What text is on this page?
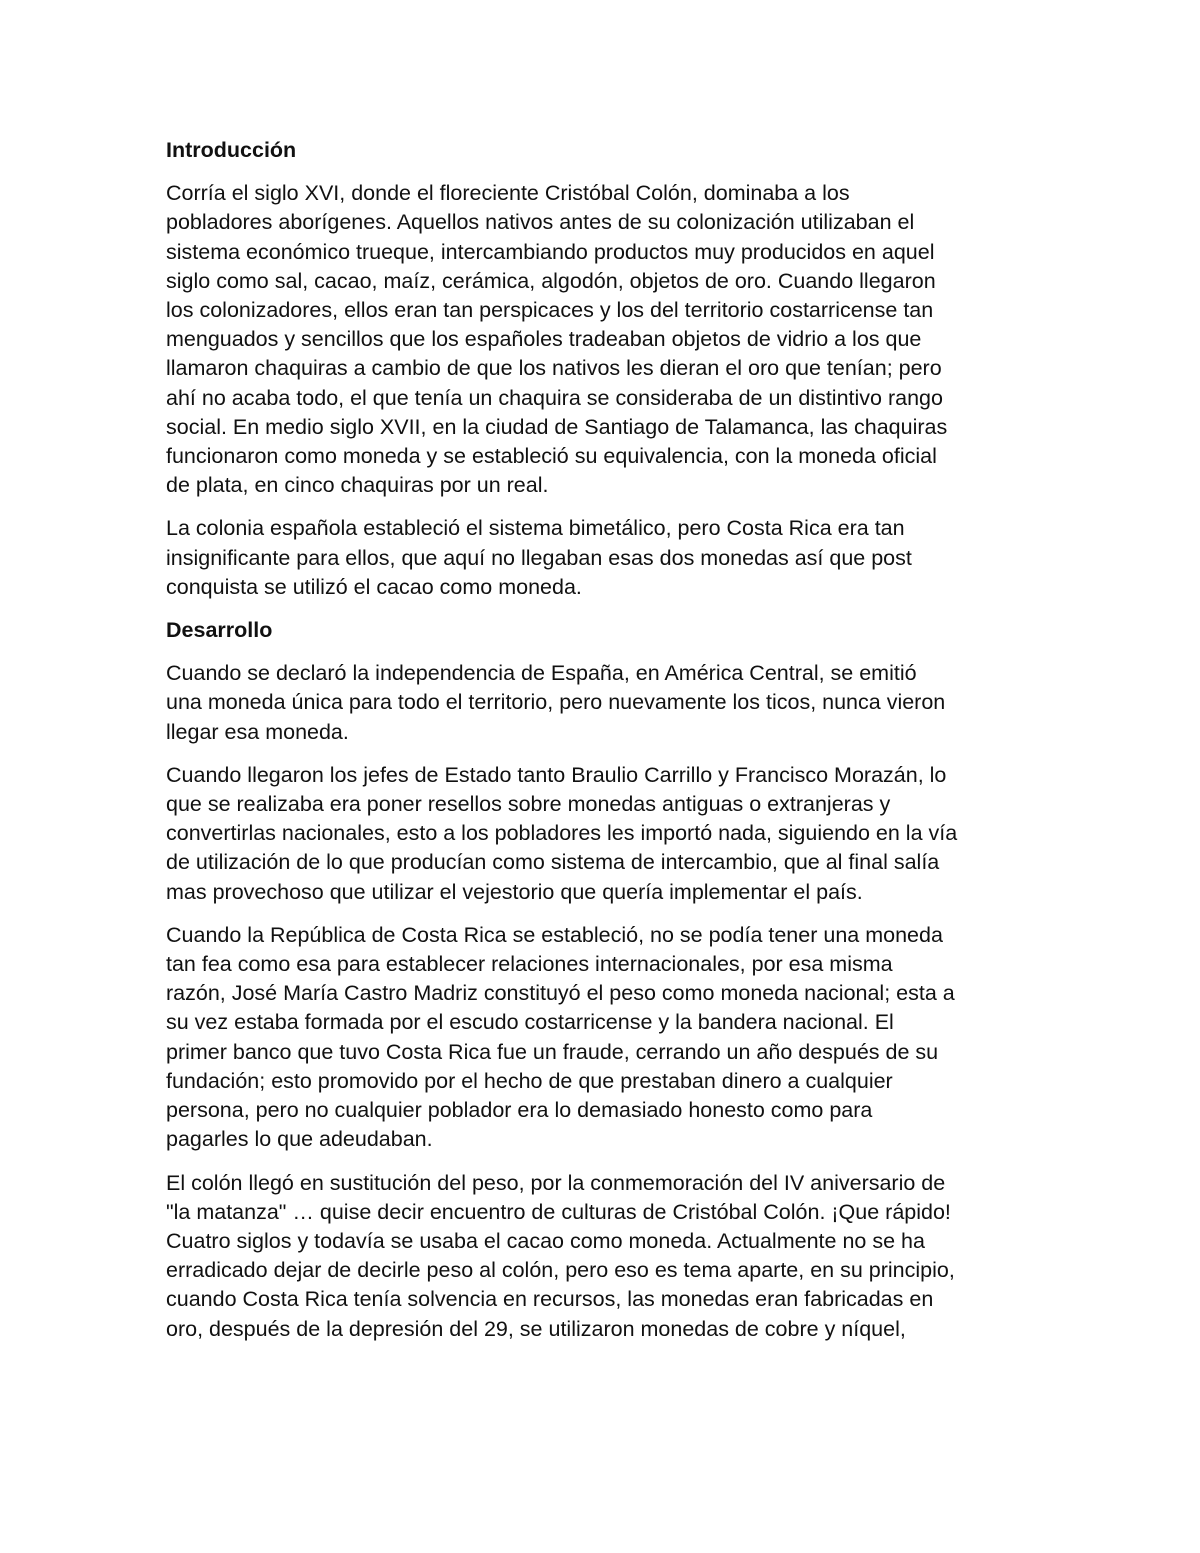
Introducción
Corría el siglo XVI, donde el floreciente Cristóbal Colón, dominaba a los
pobladores aborígenes. Aquellos nativos antes de su colonización utilizaban el
sistema económico trueque, intercambiando productos muy producidos en aquel
siglo como sal, cacao, maíz, cerámica, algodón, objetos de oro. Cuando llegaron
los colonizadores, ellos eran tan perspicaces y los del territorio costarricense tan
menguados y sencillos que los españoles tradeaban objetos de vidrio a los que
llamaron chaquiras a cambio de que los nativos les dieran el oro que tenían; pero
ahí no acaba todo, el que tenía un chaquira se consideraba de un distintivo rango
social. En medio siglo XVII, en la ciudad de Santiago de Talamanca, las chaquiras
funcionaron como moneda y se estableció su equivalencia, con la moneda oficial
de plata, en cinco chaquiras por un real.
La colonia española estableció el sistema bimetálico, pero Costa Rica era tan
insignificante para ellos, que aquí no llegaban esas dos monedas así que post
conquista se utilizó el cacao como moneda.
Desarrollo
Cuando se declaró la independencia de España, en América Central, se emitió
una moneda única para todo el territorio, pero nuevamente los ticos, nunca vieron
llegar esa moneda.
Cuando llegaron los jefes de Estado tanto Braulio Carrillo y Francisco Morazán, lo
que se realizaba era poner resellos sobre monedas antiguas o extranjeras y
convertirlas nacionales, esto a los pobladores les importó nada, siguiendo en la vía
de utilización de lo que producían como sistema de intercambio, que al final salía
mas provechoso que utilizar el vejestorio que quería implementar el país.
Cuando la República de Costa Rica se estableció, no se podía tener una moneda
tan fea como esa para establecer relaciones internacionales, por esa misma
razón, José María Castro Madriz constituyó el peso como moneda nacional; esta a
su vez estaba formada por el escudo costarricense y la bandera nacional. El
primer banco que tuvo Costa Rica fue un fraude, cerrando un año después de su
fundación; esto promovido por el hecho de que prestaban dinero a cualquier
persona, pero no cualquier poblador era lo demasiado honesto como para
pagarles lo que adeudaban.
El colón llegó en sustitución del peso, por la conmemoración del IV aniversario de
"la matanza" … quise decir encuentro de culturas de Cristóbal Colón. ¡Que rápido!
Cuatro siglos y todavía se usaba el cacao como moneda. Actualmente no se ha
erradicado dejar de decirle peso al colón, pero eso es tema aparte, en su principio,
cuando Costa Rica tenía solvencia en recursos, las monedas eran fabricadas en
oro, después de la depresión del 29, se utilizaron monedas de cobre y níquel,
